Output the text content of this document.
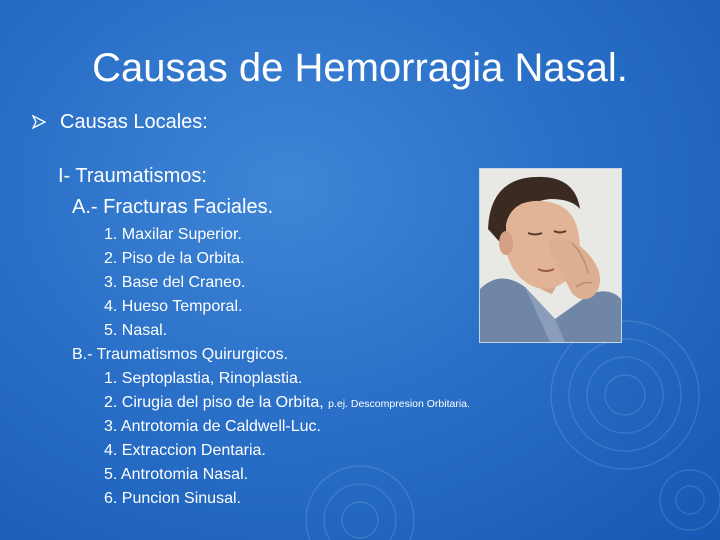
Causas de Hemorragia Nasal.
Causas Locales:
I- Traumatismos:
A.- Fracturas Faciales.
1. Maxilar Superior.
2. Piso de la Orbita.
3. Base del Craneo.
4. Hueso Temporal.
5. Nasal.
B.- Traumatismos Quirurgicos.
1. Septoplastia, Rinoplastia.
2. Cirugia del piso de la Orbita, p.ej. Descompresion Orbitaria.
3. Antrotomia de Caldwell-Luc.
4. Extraccion Dentaria.
5. Antrotomia Nasal.
6. Puncion Sinusal.
